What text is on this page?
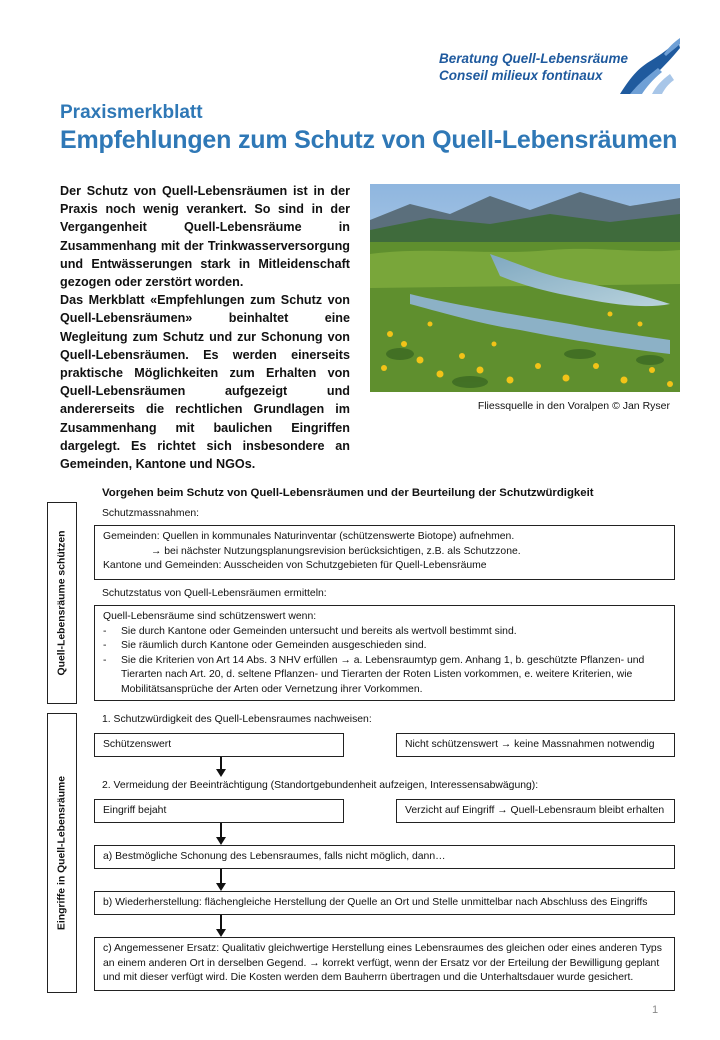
Beratung Quell-Lebensräume
Conseil milieux fontinaux
Praxismerkblatt
Empfehlungen zum Schutz von Quell-Lebensräumen

Der Schutz von Quell-Lebensräumen ist in der Praxis noch wenig verankert. So sind in der Vergangenheit Quell-Lebensräume in Zusammenhang mit der Trinkwasserversorgung und Entwässerungen stark in Mitleidenschaft gezogen oder zerstört worden.

Das Merkblatt «Empfehlungen zum Schutz von Quell-Lebensräumen» beinhaltet eine Wegleitung zum Schutz und zur Schonung von Quell-Lebensräumen. Es werden einerseits praktische Möglichkeiten zum Erhalten von Quell-Lebensräumen aufgezeigt und andererseits die rechtlichen Grundlagen im Zusammenhang mit baulichen Eingriffen dargelegt. Es richtet sich insbesondere an Gemeinden, Kantone und NGOs.

Fliessquelle in den Voralpen © Jan Ryser
Vorgehen beim Schutz von Quell-Lebensräumen und der Beurteilung der Schutzwürdigkeit
Quell-Lebensräume schützen
Schutzmassnahmen:
Gemeinden: Quellen in kommunales Naturinventar (schützenswerte Biotope) aufnehmen.
→ bei nächster Nutzungsplanungsrevision berücksichtigen, z.B. als Schutzzone.
Kantone und Gemeinden: Ausscheiden von Schutzgebieten für Quell-Lebensräume
Schutzstatus von Quell-Lebensräumen ermitteln:
Quell-Lebensräume sind schützenswert wenn:
- Sie durch Kantone oder Gemeinden untersucht und bereits als wertvoll bestimmt sind.
- Sie räumlich durch Kantone oder Gemeinden ausgeschieden sind.
- Sie die Kriterien von Art 14 Abs. 3 NHV erfüllen → a. Lebensraumtyp gem. Anhang 1, b. geschützte Pflanzen- und Tierarten nach Art. 20, d. seltene Pflanzen- und Tierarten der Roten Listen vorkommen, e. weitere Kriterien, wie Mobilitätsansprüche der Arten oder Vernetzung ihrer Vorkommen.
Eingriffe in Quell-Lebensräume
1. Schutzwürdigkeit des Quell-Lebensraumes nachweisen:
Schützenswert	Nicht schützenswert → keine Massnahmen notwendig
2. Vermeidung der Beeinträchtigung (Standortgebundenheit aufzeigen, Interessensabwägung):
Eingriff bejaht	Verzicht auf Eingriff → Quell-Lebensraum bleibt erhalten
a) Bestmögliche Schonung des Lebensraumes, falls nicht möglich, dann…
b) Wiederherstellung: flächengleiche Herstellung der Quelle an Ort und Stelle unmittelbar nach Abschluss des Eingriffs
c) Angemessener Ersatz: Qualitativ gleichwertige Herstellung eines Lebensraumes des gleichen oder eines anderen Typs an einem anderen Ort in derselben Gegend. → korrekt verfügt, wenn der Ersatz vor der Erteilung der Bewilligung geplant und mit dieser verfügt wird. Die Kosten werden dem Bauherrn übertragen und die Unterhaltsdauer wurde gesichert.
1
